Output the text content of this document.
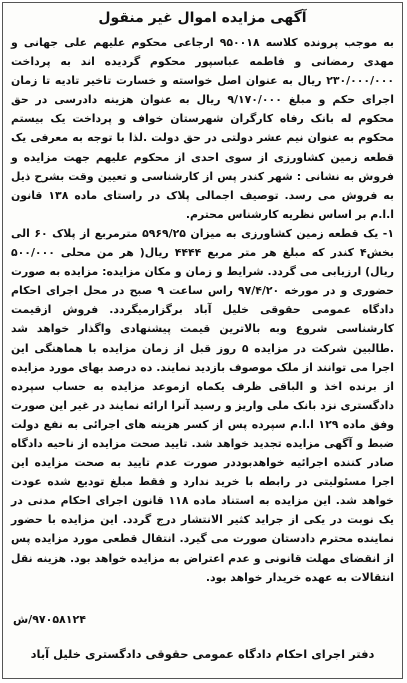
آگهی مزایده اموال غیر منقول

به موجب پرونده کلاسه ۹۵۰۰۱۸ ارجاعی محکوم علیهم علی جهانی و مهدی رمضانی و فاطمه عباسپور محکوم گردیده اند به پرداخت ۲۳۰/۰۰۰/۰۰۰ ریال به عنوان اصل خواسته و خسارت تاخیر تادیه تا زمان اجرای حکم و مبلغ ۹/۱۷۰/۰۰۰ ریال به عنوان هزینه دادرسی در حق محکوم له بانک رفاه کارگران شهرستان خواف و پرداخت یک بیستم محکوم به عنوان نیم عشر دولتی در حق دولت .لذا با توجه به معرفی یک قطعه زمین کشاورزی از سوی احدی از محکوم علیهم جهت مزایده و فروش به نشانی : شهر کندر پس از کارشناسی و تعیین وقت بشرح ذیل به فروش می رسد. توصیف اجمالی پلاک در راستای ماده ۱۳۸ قانون ا.ا.م بر اساس نظریه کارشناس محترم.

۱- یک قطعه زمین کشاورزی به میزان ۵۹۶۹/۲۵ مترمربع از پلاک ۶۰ الی بخش۴ کندر که مبلغ هر متر مربع ۴۴۴۴ ریال( هر من محلی ۵۰۰/۰۰۰ ریال) ارزیابی می گردد. شرایط و زمان و مکان مزایده: مزایده به صورت حضوری و در مورخه ۹۷/۴/۲۰ راس ساعت ۹ صبح در محل اجرای احکام دادگاه عمومی حقوقی خلیل آباد برگزارمیگردد. فروش ازقیمت کارشناسی شروع وبه بالاترین قیمت پیشنهادی واگذار خواهد شد .طالبین شرکت در مزایده ۵ روز قبل از زمان مزایده با هماهنگی این اجرا می توانند از ملک موصوف بازدید نمایند. ده درصد بهای مورد مزایده از برنده اخذ و الباقی ظرف یکماه ازموعد مزایده به حساب سپرده دادگستری نزد بانک ملی واریز و رسید آنرا ارائه نمایند در غیر این صورت وفق ماده ۱۲۹ ا.ا.م سپرده پس از کسر هزینه های اجرائی به نفع دولت ضبط و آگهی مزایده تجدید خواهد شد. تایید صحت مزایده از ناحیه دادگاه صادر کننده اجرائیه خواهدبوددر صورت عدم تایید به صحت مزایده این اجرا مسئولیتی در رابطه با خرید ندارد و فقط مبلغ تودیع شده عودت خواهد شد. این مزایده به استناد ماده ۱۱۸ قانون اجرای احکام مدنی در یک نوبت در یکی از جراید کثیر الانتشار درج گردد. این مزایده با حضور نماینده محترم دادستان صورت می گیرد. انتقال قطعی مورد مزایده پس از انقضای مهلت قانونی و عدم اعتراض به مزایده خواهد بود. هزینه نقل انتقالات به عهده خریدار خواهد بود.

۹۷۰۵۸۱۲۴/ش
دفتر اجرای احکام دادگاه عمومی حقوقی دادگستری خلیل آباد
